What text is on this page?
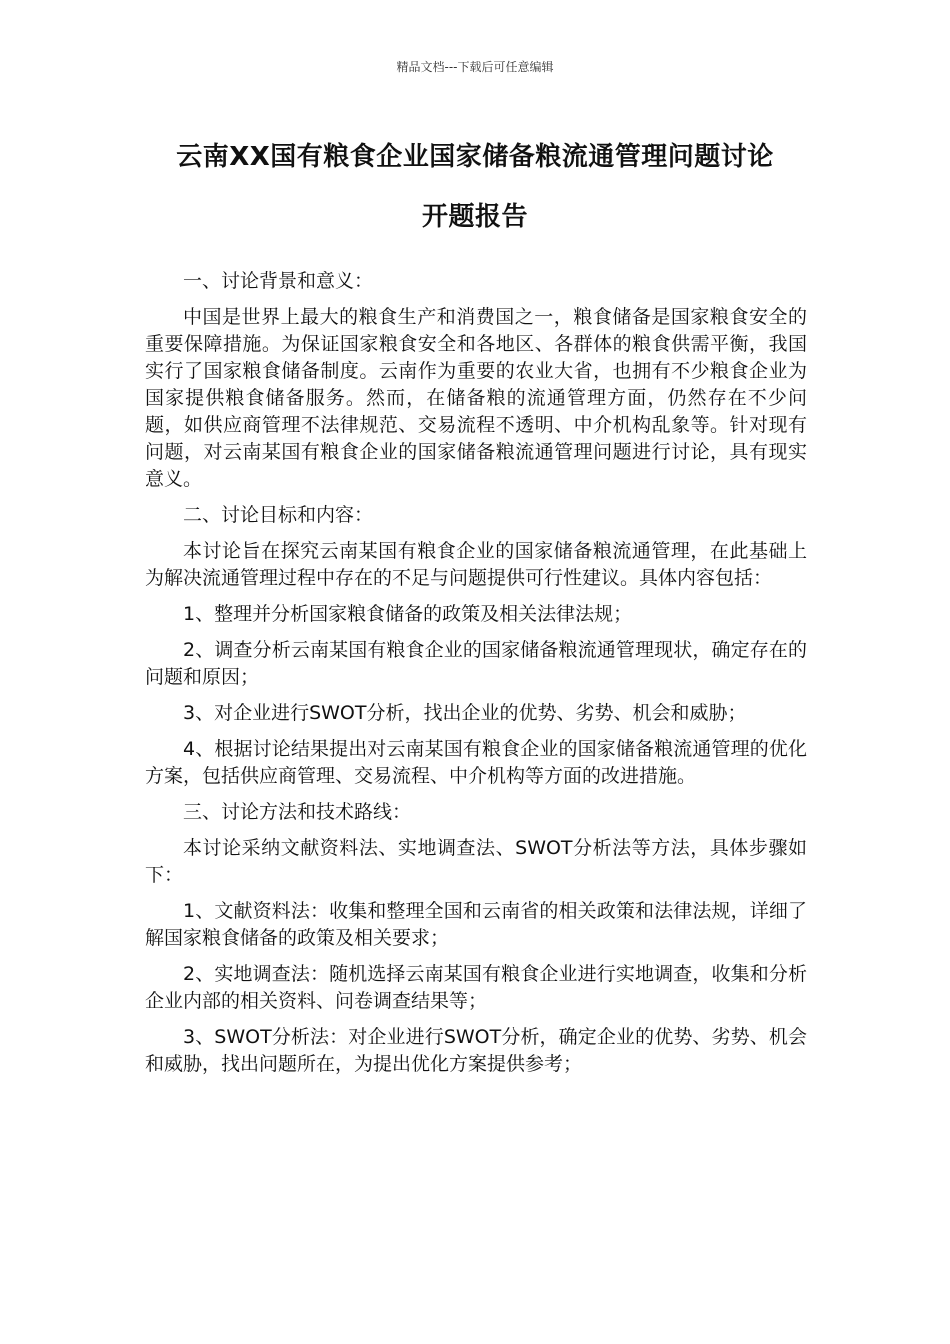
精品文档---下载后可任意编辑
云南XX国有粮食企业国家储备粮流通管理问题讨论
开题报告

一、讨论背景和意义：

中国是世界上最大的粮食生产和消费国之一，粮食储备是国家粮食安全的重要保障措施。为保证国家粮食安全和各地区、各群体的粮食供需平衡，我国实行了国家粮食储备制度。云南作为重要的农业大省，也拥有不少粮食企业为国家提供粮食储备服务。然而，在储备粮的流通管理方面，仍然存在不少问题，如供应商管理不法律规范、交易流程不透明、中介机构乱象等。针对现有问题，对云南某国有粮食企业的国家储备粮流通管理问题进行讨论，具有现实意义。

二、讨论目标和内容：

本讨论旨在探究云南某国有粮食企业的国家储备粮流通管理，在此基础上为解决流通管理过程中存在的不足与问题提供可行性建议。具体内容包括：

1、整理并分析国家粮食储备的政策及相关法律法规；

2、调查分析云南某国有粮食企业的国家储备粮流通管理现状，确定存在的问题和原因；

3、对企业进行SWOT分析，找出企业的优势、劣势、机会和威胁；

4、根据讨论结果提出对云南某国有粮食企业的国家储备粮流通管理的优化方案，包括供应商管理、交易流程、中介机构等方面的改进措施。

三、讨论方法和技术路线：

本讨论采纳文献资料法、实地调查法、SWOT分析法等方法，具体步骤如下：

1、文献资料法：收集和整理全国和云南省的相关政策和法律法规，详细了解国家粮食储备的政策及相关要求；

2、实地调查法：随机选择云南某国有粮食企业进行实地调查，收集和分析企业内部的相关资料、问卷调查结果等；

3、SWOT分析法：对企业进行SWOT分析，确定企业的优势、劣势、机会和威胁，找出问题所在，为提出优化方案提供参考；
